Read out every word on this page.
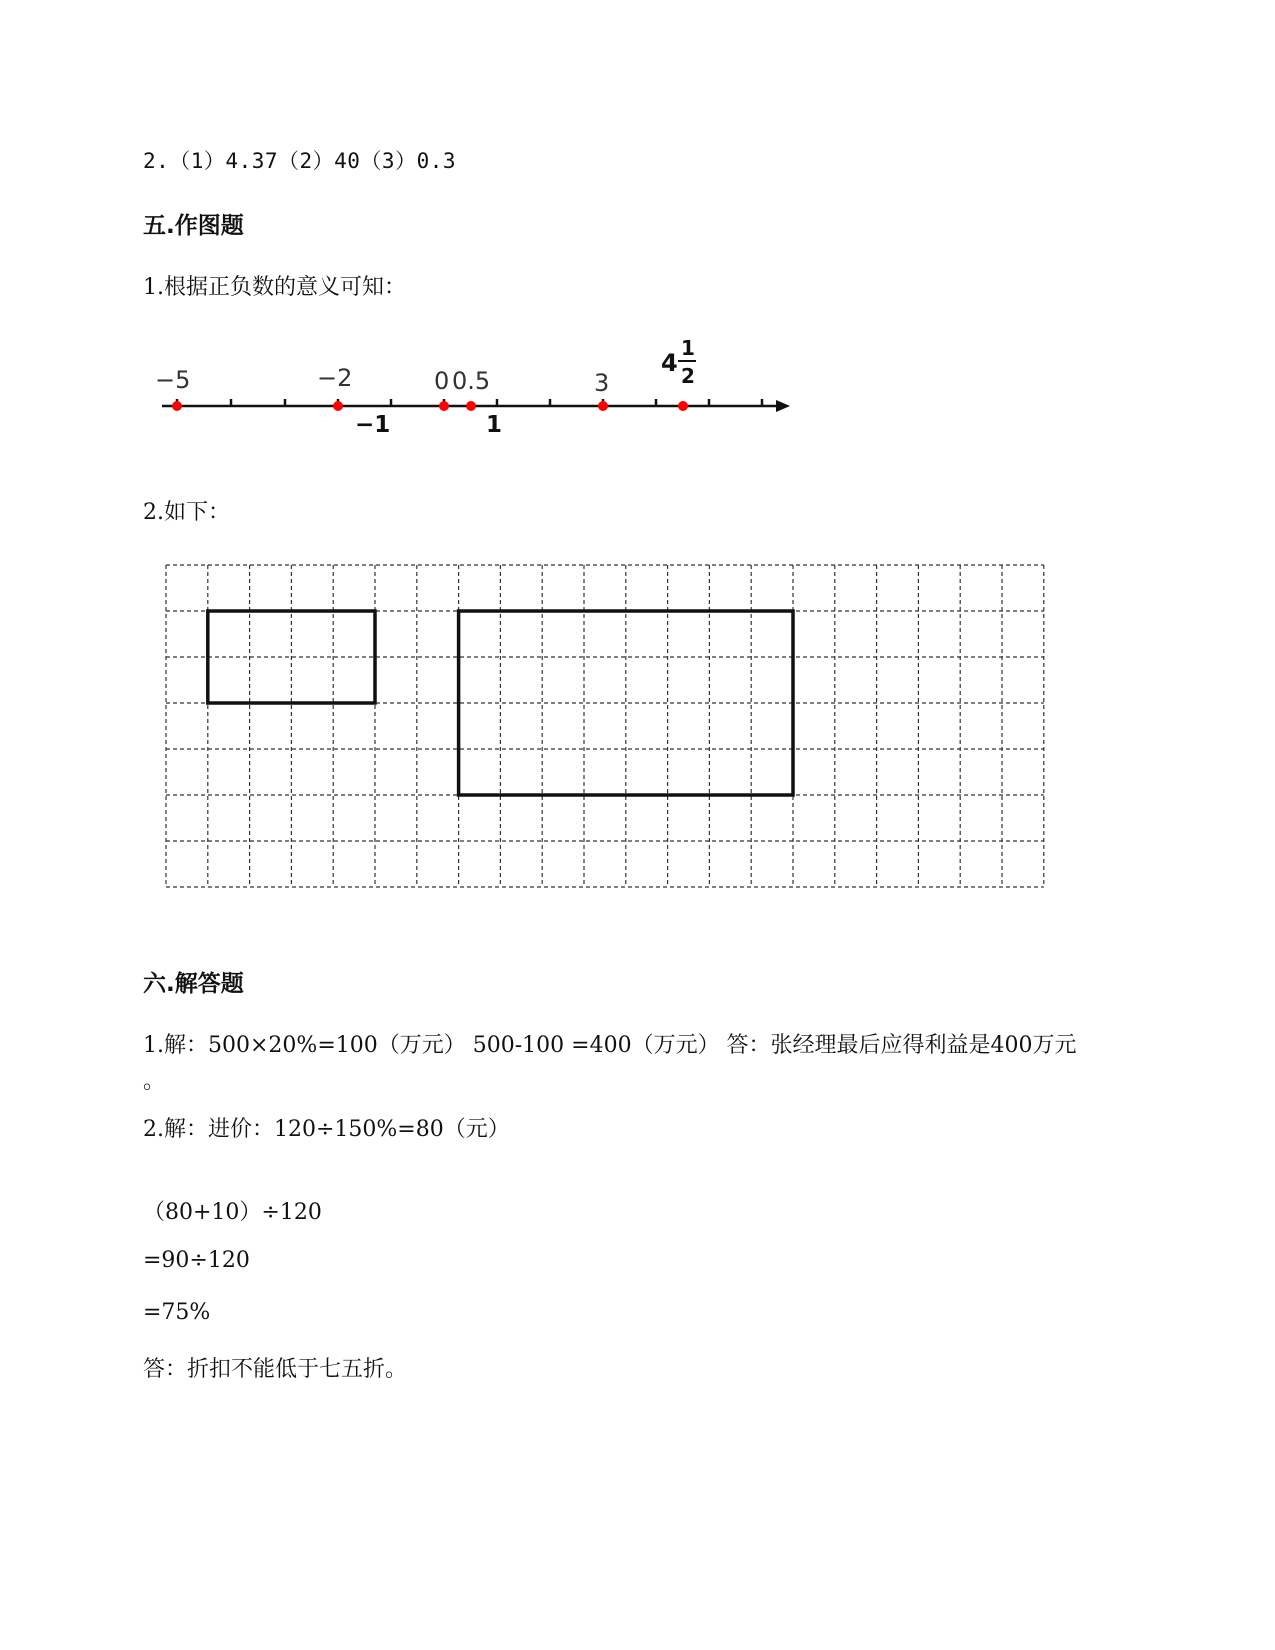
2.（1）4.37（2）40（3）0.3
五.作图题
1.根据正负数的意义可知：
−5	−2	0 0.5	3
−1	1
4
1
2
2.如下：
六.解答题
1.解：500×20%=100（万元） 500-100 =400（万元） 答：张经理最后应得利益是400万元
。
2.解：进价：120÷150%=80（元）
（80+10）÷120
=90÷120
=75%
答：折扣不能低于七五折。
